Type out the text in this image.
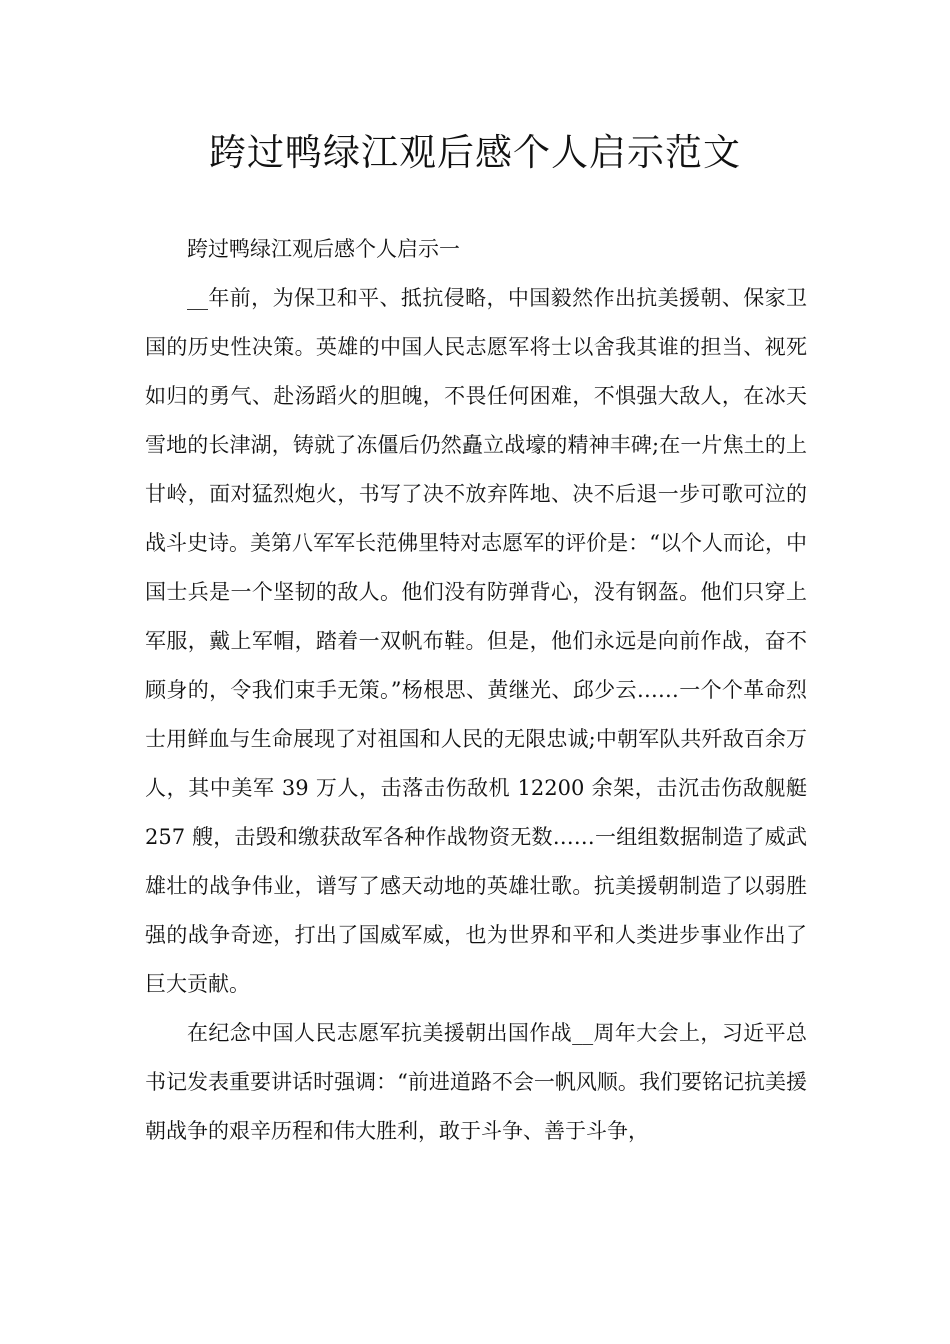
跨过鸭绿江观后感个人启示范文

跨过鸭绿江观后感个人启示一

__年前，为保卫和平、抵抗侵略，中国毅然作出抗美援朝、保家卫国的历史性决策。英雄的中国人民志愿军将士以舍我其谁的担当、视死如归的勇气、赴汤蹈火的胆魄，不畏任何困难，不惧强大敌人，在冰天雪地的长津湖，铸就了冻僵后仍然矗立战壕的精神丰碑;在一片焦土的上甘岭，面对猛烈炮火，书写了决不放弃阵地、决不后退一步可歌可泣的战斗史诗。美第八军军长范佛里特对志愿军的评价是：“以个人而论，中国士兵是一个坚韧的敌人。他们没有防弹背心，没有钢盔。他们只穿上军服，戴上军帽，踏着一双帆布鞋。但是，他们永远是向前作战，奋不顾身的，令我们束手无策。”杨根思、黄继光、邱少云……一个个革命烈士用鲜血与生命展现了对祖国和人民的无限忠诚;中朝军队共歼敌百余万人，其中美军 39 万人，击落击伤敌机 12200 余架，击沉击伤敌舰艇 257 艘，击毁和缴获敌军各种作战物资无数……一组组数据制造了威武雄壮的战争伟业，谱写了感天动地的英雄壮歌。抗美援朝制造了以弱胜强的战争奇迹，打出了国威军威，也为世界和平和人类进步事业作出了巨大贡献。

在纪念中国人民志愿军抗美援朝出国作战__周年大会上，习近平总书记发表重要讲话时强调：“前进道路不会一帆风顺。我们要铭记抗美援朝战争的艰辛历程和伟大胜利，敢于斗争、善于斗争，
